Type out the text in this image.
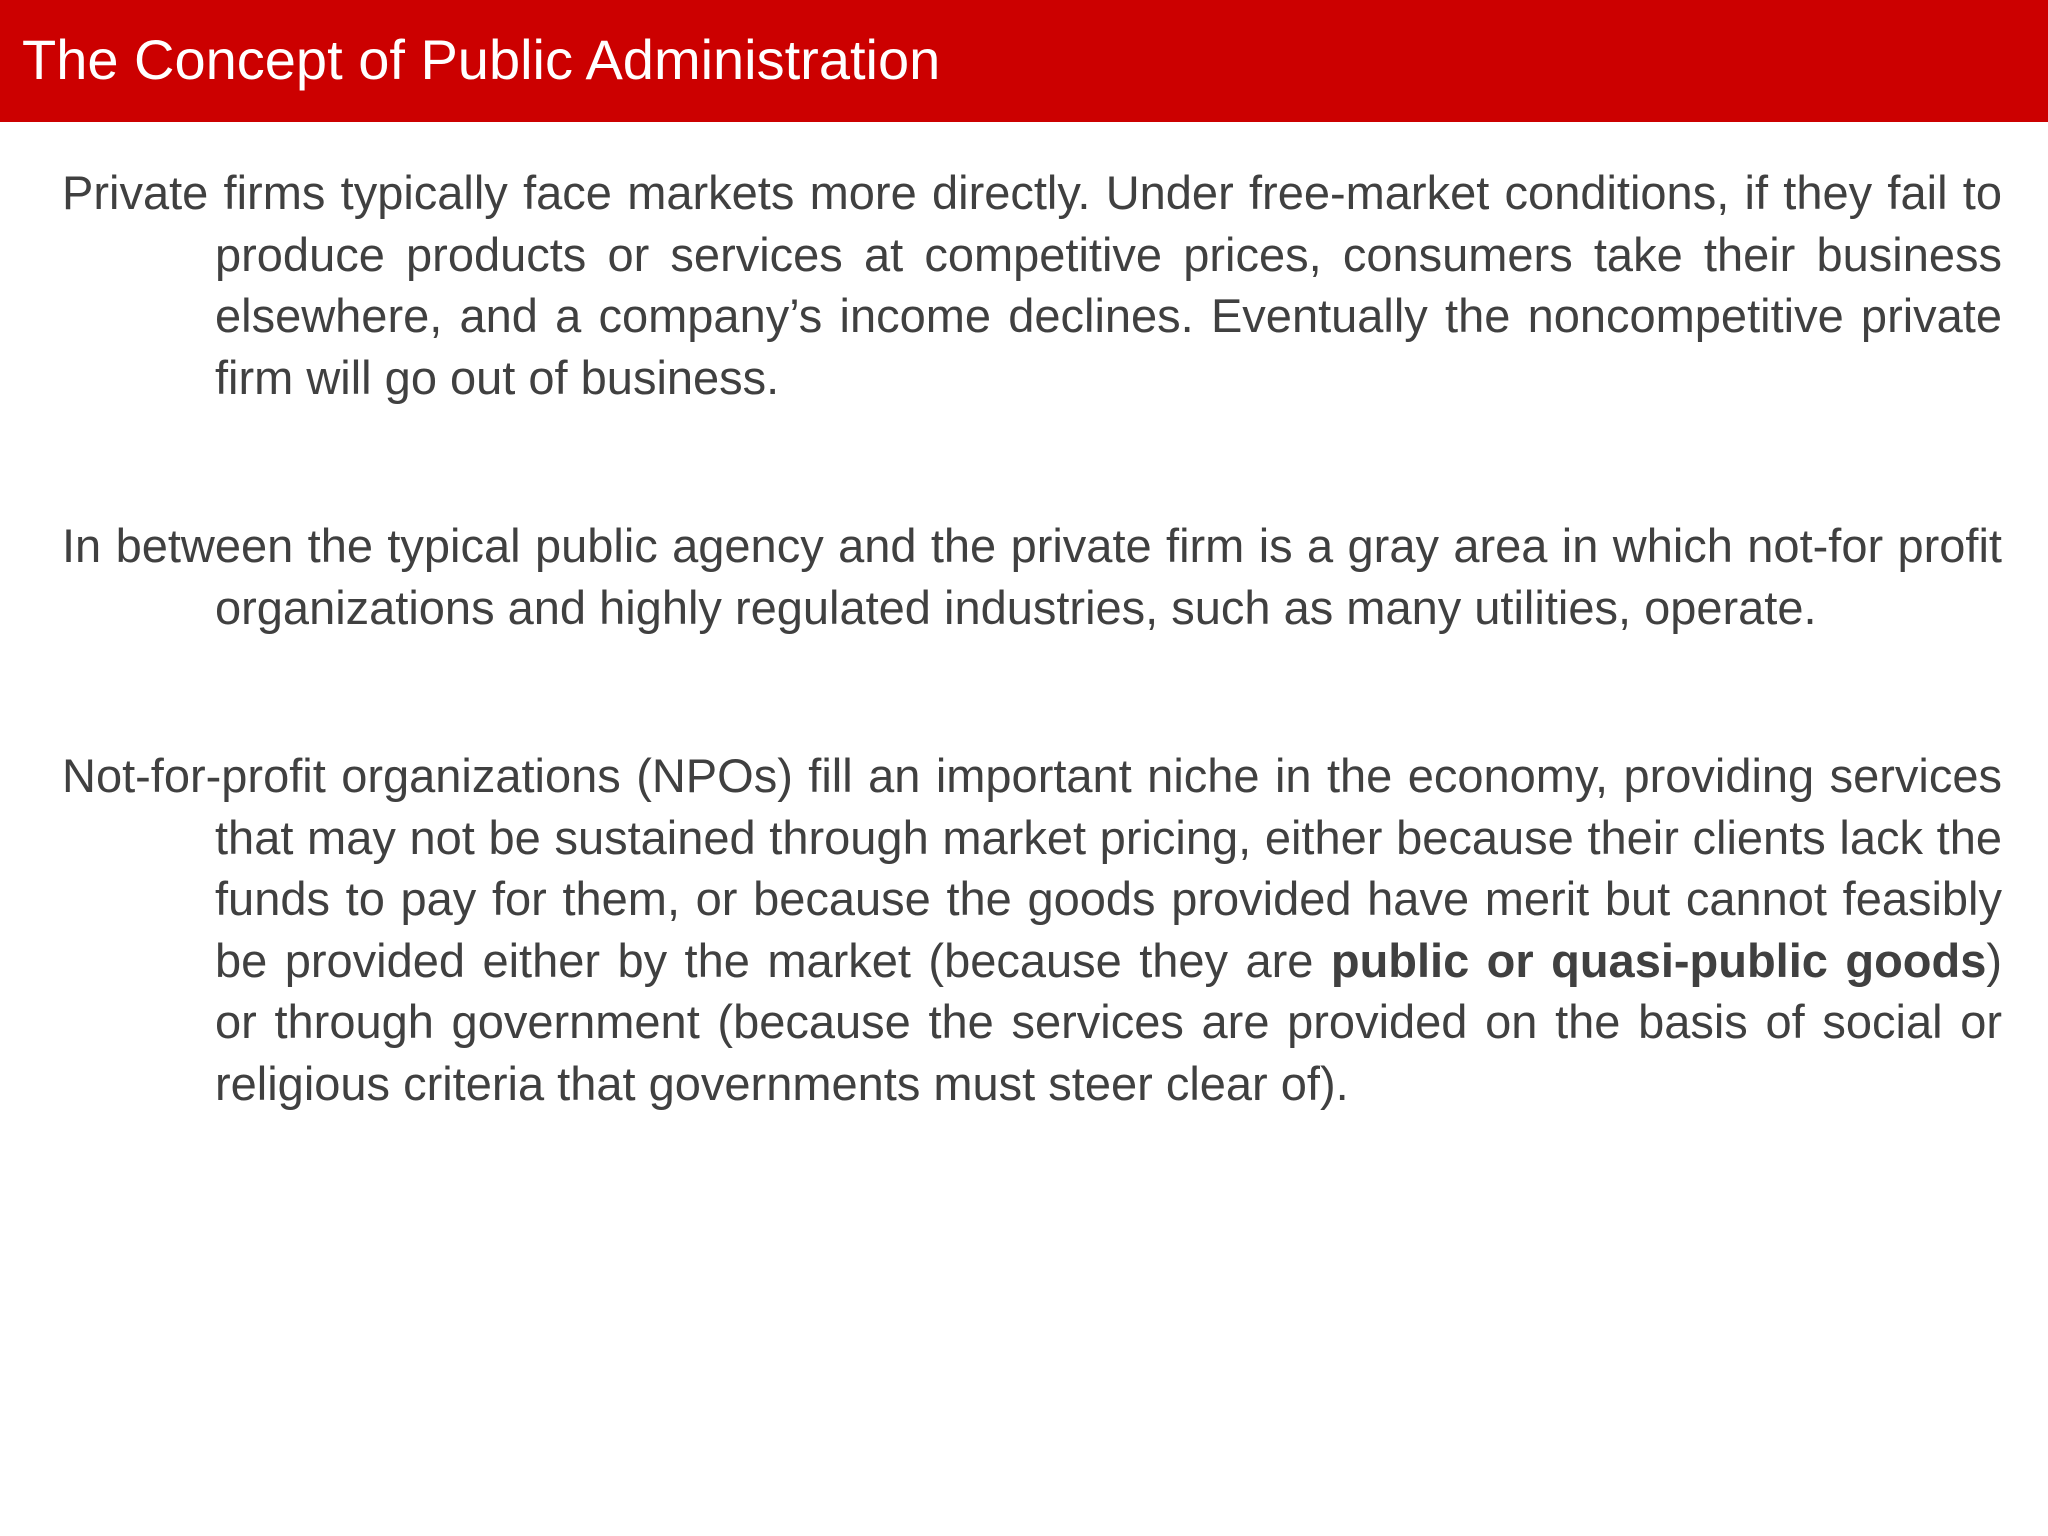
The Concept of Public Administration

Private firms typically face markets more directly. Under free-market conditions, if they fail to produce products or services at competitive prices, consumers take their business elsewhere, and a company’s income declines. Eventually the noncompetitive private firm will go out of business.

In between the typical public agency and the private firm is a gray area in which not-for profit organizations and highly regulated industries, such as many utilities, operate.

Not-for-profit organizations (NPOs) fill an important niche in the economy, providing services that may not be sustained through market pricing, either because their clients lack the funds to pay for them, or because the goods provided have merit but cannot feasibly be provided either by the market (because they are public or quasi-public goods) or through government (because the services are provided on the basis of social or religious criteria that governments must steer clear of).
